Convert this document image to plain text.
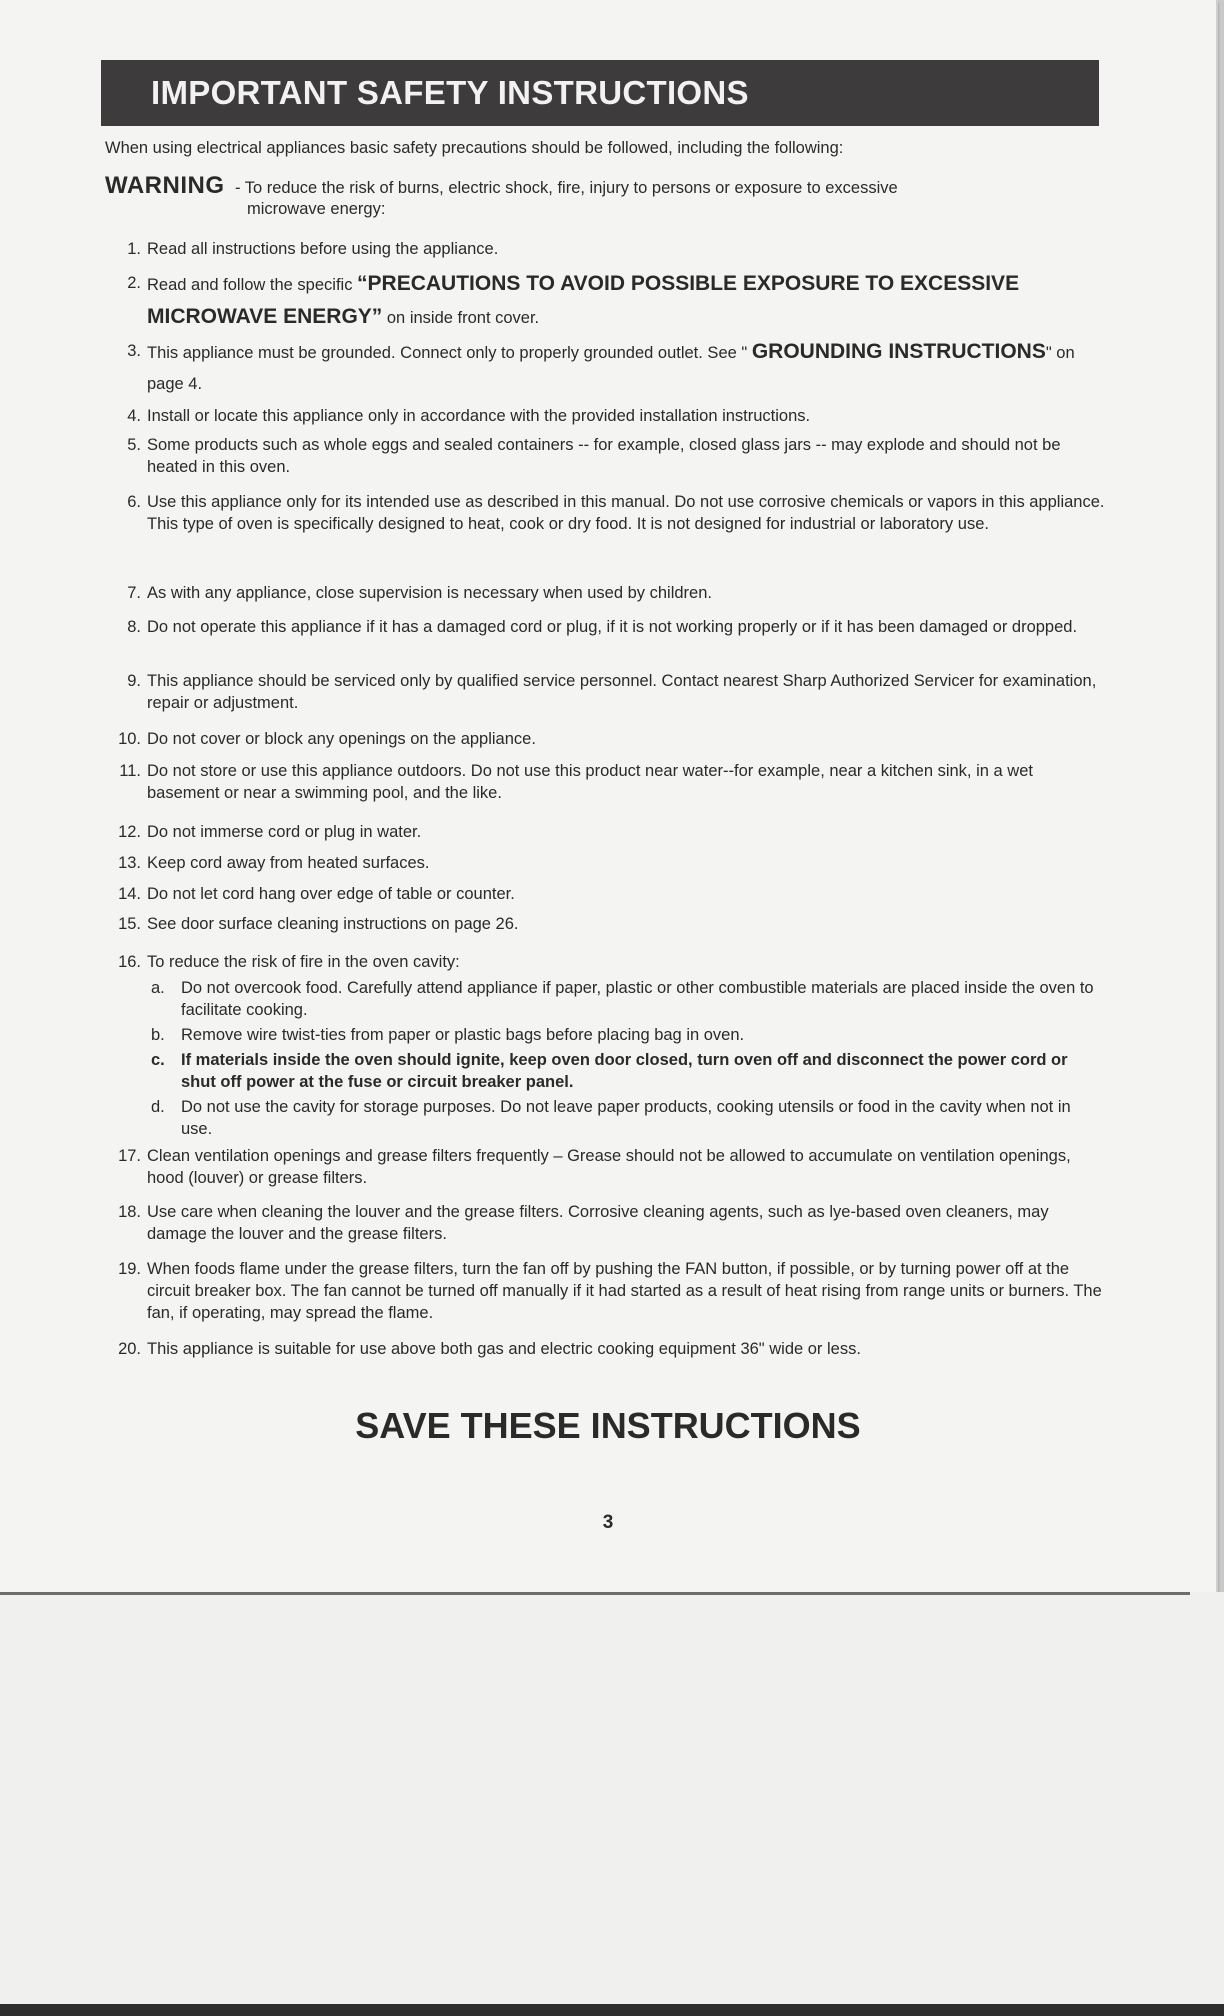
IMPORTANT SAFETY INSTRUCTIONS
When using electrical appliances basic safety precautions should be followed, including the following:
WARNING - To reduce the risk of burns, electric shock, fire, injury to persons or exposure to excessive
microwave energy:
1. Read all instructions before using the appliance.
2. Read and follow the specific “PRECAUTIONS TO AVOID POSSIBLE EXPOSURE TO EXCESSIVE MICROWAVE ENERGY” on inside front cover.
3. This appliance must be grounded. Connect only to properly grounded outlet. See " GROUNDING INSTRUCTIONS" on page 4.
4. Install or locate this appliance only in accordance with the provided installation instructions.
5. Some products such as whole eggs and sealed containers -- for example, closed glass jars -- may explode and should not be heated in this oven.
6. Use this appliance only for its intended use as described in this manual. Do not use corrosive chemicals or vapors in this appliance. This type of oven is specifically designed to heat, cook or dry food. It is not designed for industrial or laboratory use.
7. As with any appliance, close supervision is necessary when used by children.
8. Do not operate this appliance if it has a damaged cord or plug, if it is not working properly or if it has been damaged or dropped.
9. This appliance should be serviced only by qualified service personnel. Contact nearest Sharp Authorized Servicer for examination, repair or adjustment.
10. Do not cover or block any openings on the appliance.
11. Do not store or use this appliance outdoors. Do not use this product near water--for example, near a kitchen sink, in a wet basement or near a swimming pool, and the like.
12. Do not immerse cord or plug in water.
13. Keep cord away from heated surfaces.
14. Do not let cord hang over edge of table or counter.
15. See door surface cleaning instructions on page 26.
16. To reduce the risk of fire in the oven cavity:
a. Do not overcook food. Carefully attend appliance if paper, plastic or other combustible materials are placed inside the oven to facilitate cooking.
b. Remove wire twist-ties from paper or plastic bags before placing bag in oven.
c. If materials inside the oven should ignite, keep oven door closed, turn oven off and disconnect the power cord or shut off power at the fuse or circuit breaker panel.
d. Do not use the cavity for storage purposes. Do not leave paper products, cooking utensils or food in the cavity when not in use.
17. Clean ventilation openings and grease filters frequently – Grease should not be allowed to accumulate on ventilation openings, hood (louver) or grease filters.
18. Use care when cleaning the louver and the grease filters. Corrosive cleaning agents, such as lye-based oven cleaners, may damage the louver and the grease filters.
19. When foods flame under the grease filters, turn the fan off by pushing the FAN button, if possible, or by turning power off at the circuit breaker box. The fan cannot be turned off manually if it had started as a result of heat rising from range units or burners. The fan, if operating, may spread the flame.
20. This appliance is suitable for use above both gas and electric cooking equipment 36" wide or less.
SAVE THESE INSTRUCTIONS
3
